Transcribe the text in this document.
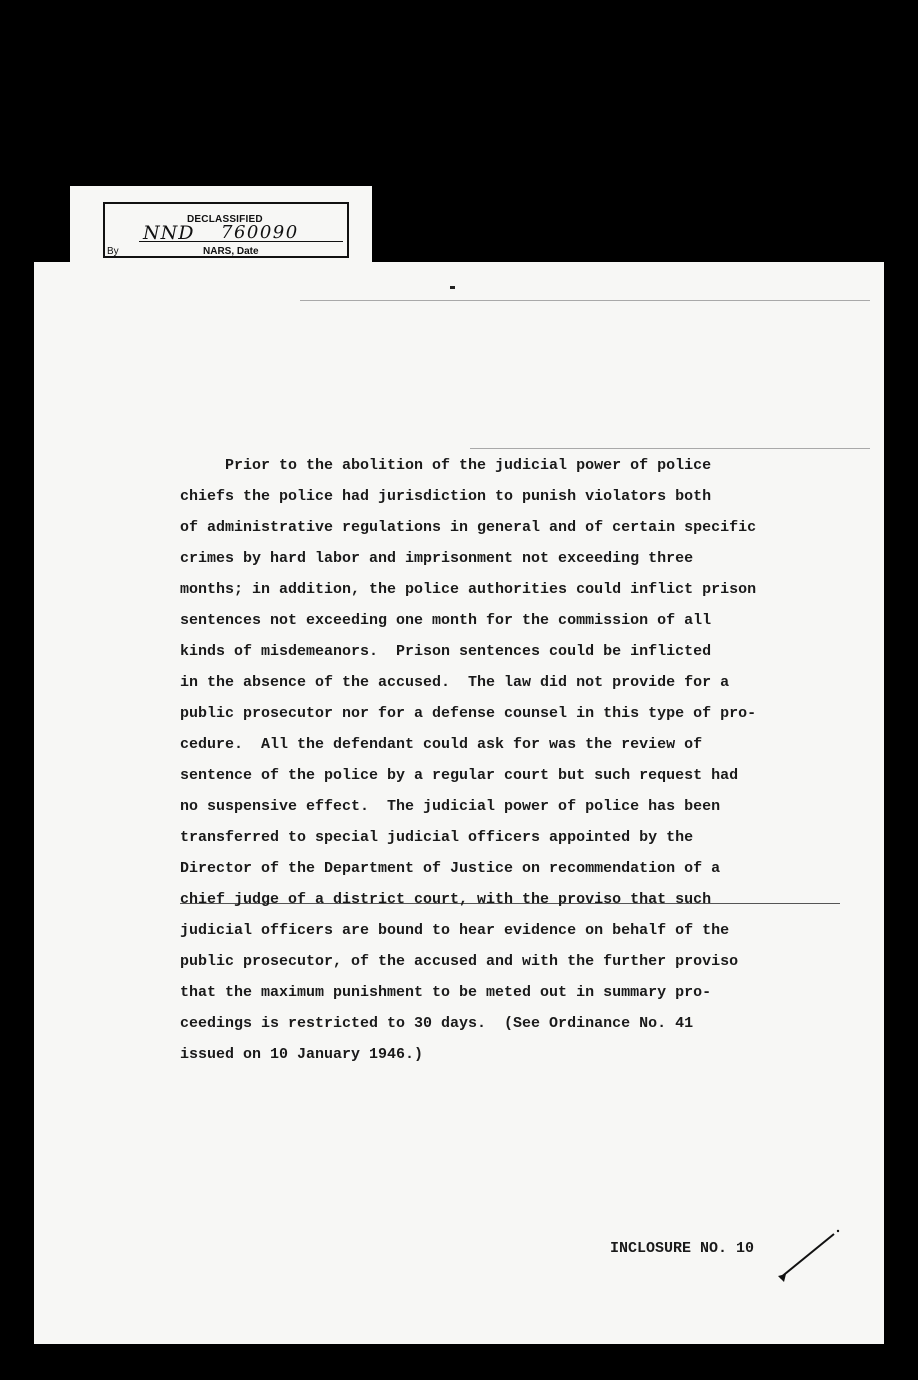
DECLASSIFIED
NND 760090
By	NARS, Date
Prior to the abolition of the judicial power of police
chiefs the police had jurisdiction to punish violators both
of administrative regulations in general and of certain specific
crimes by hard labor and imprisonment not exceeding three
months; in addition, the police authorities could inflict prison
sentences not exceeding one month for the commission of all
kinds of misdemeanors.  Prison sentences could be inflicted
in the absence of the accused.  The law did not provide for a
public prosecutor nor for a defense counsel in this type of pro-
cedure.  All the defendant could ask for was the review of
sentence of the police by a regular court but such request had
no suspensive effect.  The judicial power of police has been
transferred to special judicial officers appointed by the
Director of the Department of Justice on recommendation of a
chief judge of a district court, with the proviso that such
judicial officers are bound to hear evidence on behalf of the
public prosecutor, of the accused and with the further proviso
that the maximum punishment to be meted out in summary pro-
ceedings is restricted to 30 days.  (See Ordinance No. 41
issued on 10 January 1946.)
INCLOSURE NO. 10
